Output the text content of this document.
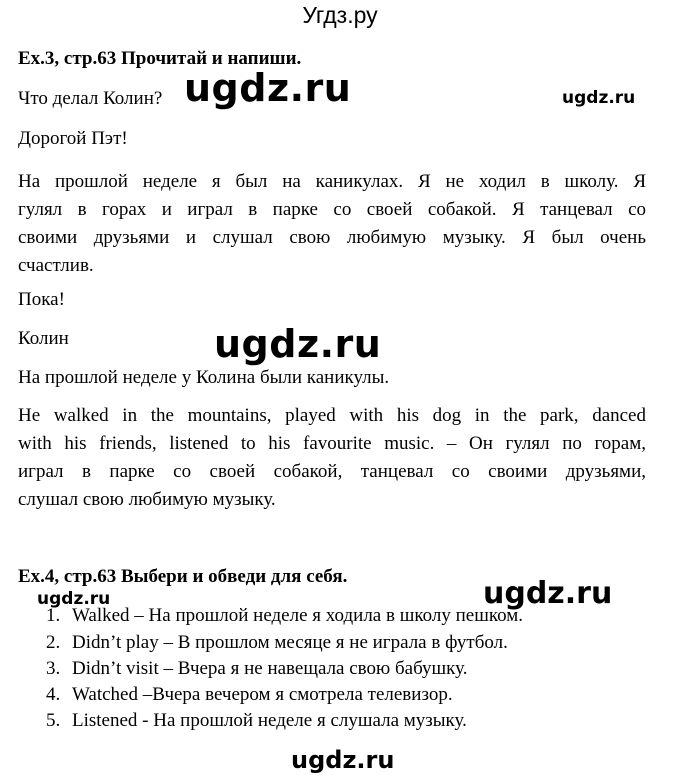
Угдз.ру
Ex.3, стр.63 Прочитай и напиши.
ugdz.ru	ugdz.ru
Что делал Колин?
Дорогой Пэт!
На прошлой неделе я был на каникулах. Я не ходил в школу. Я
гулял в горах и играл в парке со своей собакой. Я танцевал со
своими друзьями и слушал свою любимую музыку. Я был очень
счастлив.
Пока!
Колин	ugdz.ru
На прошлой неделе у Колина были каникулы.
He walked in the mountains, played with his dog in the park, danced
with his friends, listened to his favourite music. – Он гулял по горам,
играл в парке со своей собакой, танцевал со своими друзьями,
слушал свою любимую музыку.
Ex.4, стр.63 Выбери и обведи для себя.	ugdz.ru
ugdz.ru
1. Walked – На прошлой неделе я ходила в школу пешком.
2. Didn’t play – В прошлом месяце я не играла в футбол.
3. Didn’t visit – Вчера я не навещала свою бабушку.
4. Watched –Вчера вечером я смотрела телевизор.
5. Listened - На прошлой неделе я слушала музыку.
ugdz.ru
